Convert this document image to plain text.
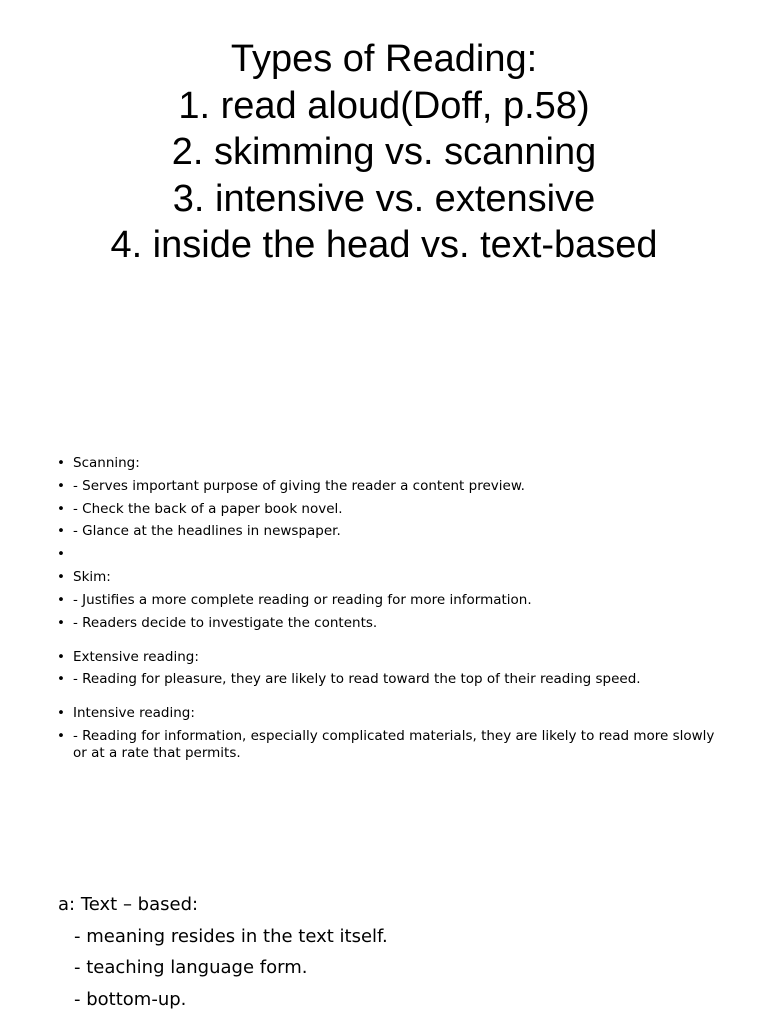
Types of Reading:
1. read aloud(Doff, p.58)
2. skimming vs. scanning
3. intensive vs. extensive
4. inside the head vs. text-based
• Scanning:
• - Serves important purpose of giving the reader a content preview.
• - Check the back of a paper book novel.
• - Glance at the headlines in newspaper.
•
• Skim:
• - Justifies a more complete reading or reading for more information.
• - Readers decide to investigate the contents.
• Extensive reading:
• - Reading for pleasure, they are likely to read toward the top of their reading speed.
• Intensive reading:
• - Reading for information, especially complicated materials, they are likely to read more slowly or at a rate that permits.
a: Text – based:
- meaning resides in the text itself.
- teaching language form.
- bottom-up.
